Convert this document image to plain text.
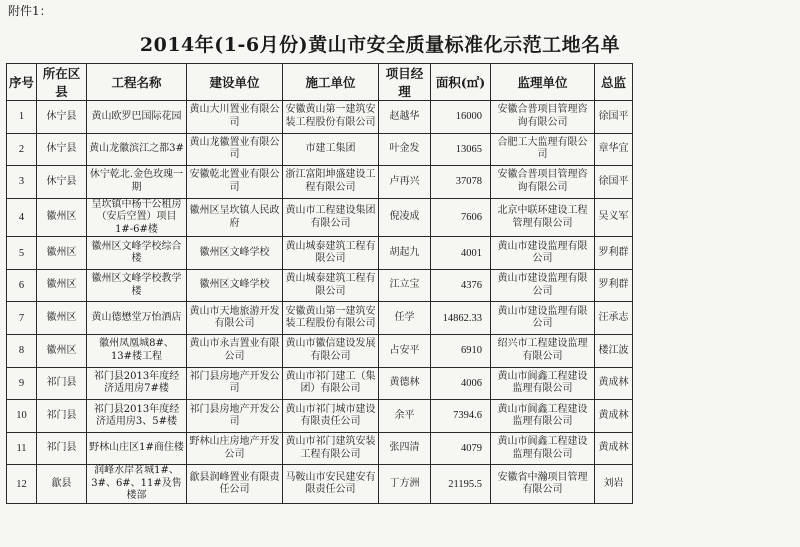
附件1：
2014年(1-6月份)黄山市安全质量标准化示范工地名单
序号	所在区县	工程名称	建设单位	施工单位	项目经理	面积(㎡)	监理单位	总监
1	休宁县	黄山欧罗巴国际花园	黄山大川置业有限公司	安徽黄山第一建筑安装工程股份有限公司	赵越华	16000	安徽合普项目管理咨询有限公司	徐国平
2	休宁县	黄山龙徽滨江之都3#	黄山龙徽置业有限公司	市建工集团	叶金发	13065	合肥工大监理有限公司	章华宜
3	休宁县	休宁乾北.金色玫瑰一期	安徽乾北置业有限公司	浙江富阳坤盛建设工程有限公司	卢再兴	37078	安徽合普项目管理咨询有限公司	徐国平
4	徽州区	呈坎镇中杨干公租房（安后空置）项目1#-6#楼	徽州区呈坎镇人民政府	黄山市工程建设集团有限公司	倪凌成	7606	北京中联环建设工程管理有限公司	吴义军
5	徽州区	徽州区文峰学校综合楼	徽州区文峰学校	黄山城泰建筑工程有限公司	胡起九	4001	黄山市建设监理有限公司	罗利群
6	徽州区	徽州区文峰学校教学楼	徽州区文峰学校	黄山城泰建筑工程有限公司	江立宝	4376	黄山市建设监理有限公司	罗利群
7	徽州区	黄山德懋堂万怡酒店	黄山市天地旅游开发有限公司	安徽黄山第一建筑安装工程股份有限公司	任学	14862.33	黄山市建设监理有限公司	汪承志
8	徽州区	徽州凤凰城8#、13#楼工程	黄山市永吉置业有限公司	黄山市徽信建设发展有限公司	占安平	6910	绍兴市工程建设监理有限公司	楼江波
9	祁门县	祁门县2013年度经济适用房7#楼	祁门县房地产开发公司	黄山市祁门建工（集团）有限公司	黄德林	4006	黄山市阆鑫工程建设监理有限公司	黄成林
10	祁门县	祁门县2013年度经济适用房3、5#楼	祁门县房地产开发公司	黄山市祁门城市建设有限责任公司	余平	7394.6	黄山市阆鑫工程建设监理有限公司	黄成林
11	祁门县	野林山庄区1#商住楼	野林山庄房地产开发公司	黄山市祁门建筑安装工程有限公司	张四清	4079	黄山市阆鑫工程建设监理有限公司	黄成林
12	歙县	润峰水岸茗城1#、3#、6#、11#及售楼部	歙县润峰置业有限责任公司	马鞍山市安民建安有限责任公司	丁方洲	21195.5	安徽省中瀚项目管理有限公司	刘岩
